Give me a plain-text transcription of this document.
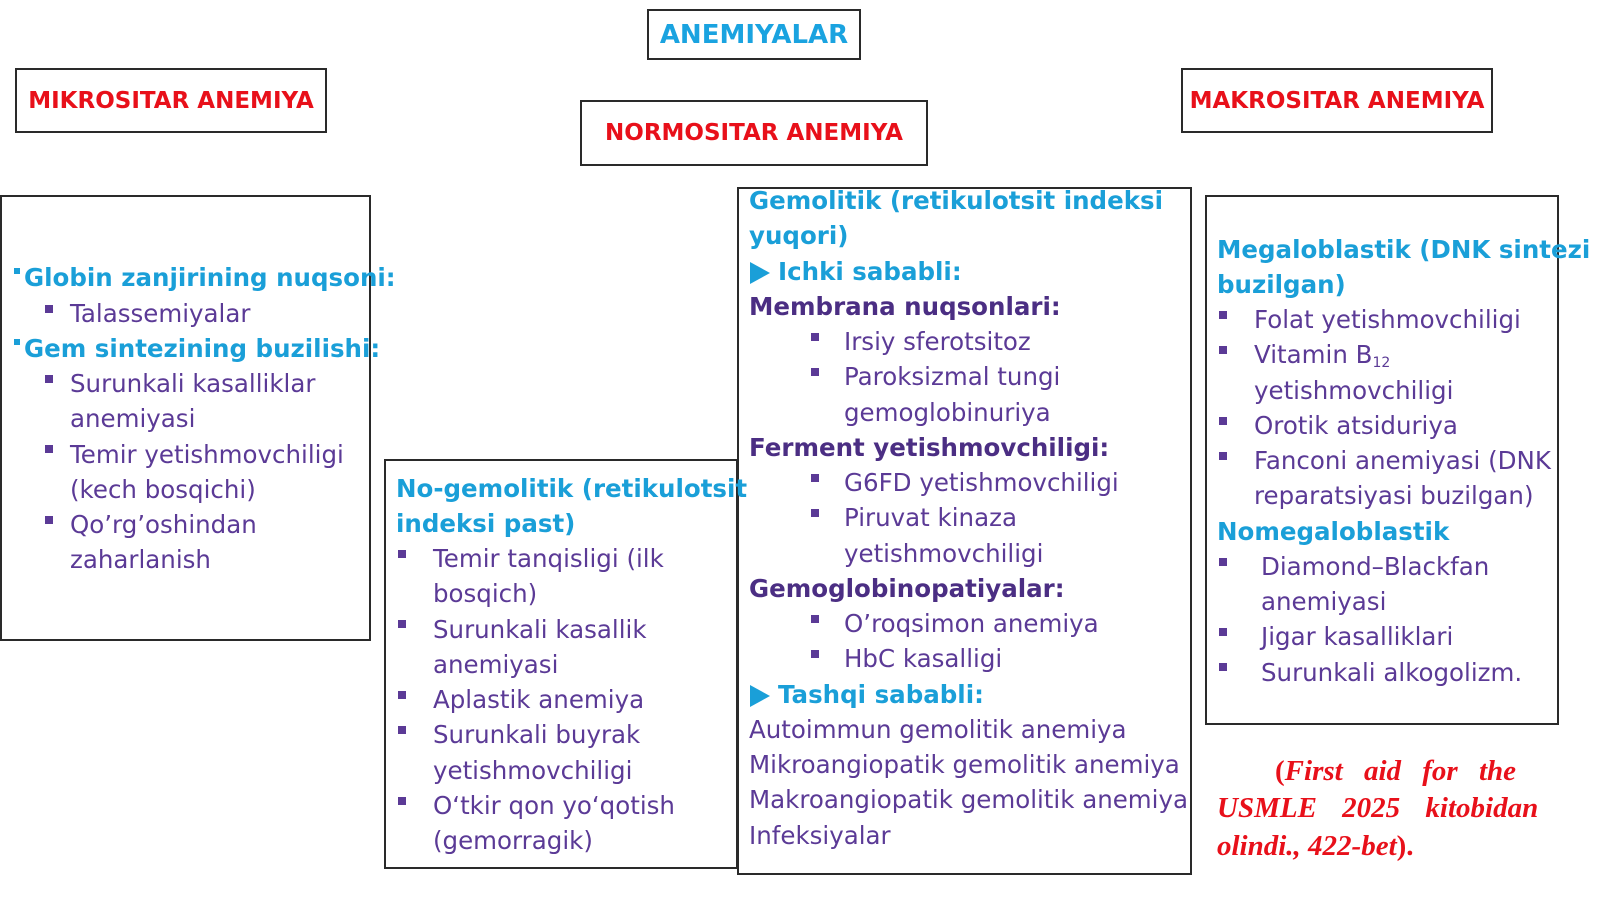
ANEMIYALAR
MIKROSITAR ANEMIYA
NORMOSITAR ANEMIYA
MAKROSITAR ANEMIYA
Globin zanjirining nuqsoni:
Talassemiyalar
Gem sintezining buzilishi:
Surunkali kasalliklar
anemiyasi
Temir yetishmovchiligi
(kech bosqichi)
Qo’rg’oshindan
zaharlanish
No-gemolitik (retikulotsit
indeksi past)
Temir tanqisligi (ilk
bosqich)
Surunkali kasallik
anemiyasi
Aplastik anemiya
Surunkali buyrak
yetishmovchiligi
O‘tkir qon yo‘qotish
(gemorragik)
Gemolitik (retikulotsit indeksi
yuqori)
Ichki sababli:
Membrana nuqsonlari:
Irsiy sferotsitoz
Paroksizmal tungi
gemoglobinuriya
Ferment yetishmovchiligi:
G6FD yetishmovchiligi
Piruvat kinaza
yetishmovchiligi
Gemoglobinopatiyalar:
O’roqsimon anemiya
HbC kasalligi
Tashqi sababli:
Autoimmun gemolitik anemiya
Mikroangiopatik gemolitik anemiya
Makroangiopatik gemolitik anemiya
Infeksiyalar
Megaloblastik (DNK sintezi
buzilgan)
Folat yetishmovchiligi
Vitamin $B_{12}$
yetishmovchiligi
Orotik atsiduriya
Fanconi anemiyasi (DNK
reparatsiyasi buzilgan)
Nomegaloblastik
Diamond–Blackfan
anemiyasi
Jigar kasalliklari
Surunkali alkogolizm.
(First aid for the
USMLE 2025 kitobidan
olindi., 422-bet).
